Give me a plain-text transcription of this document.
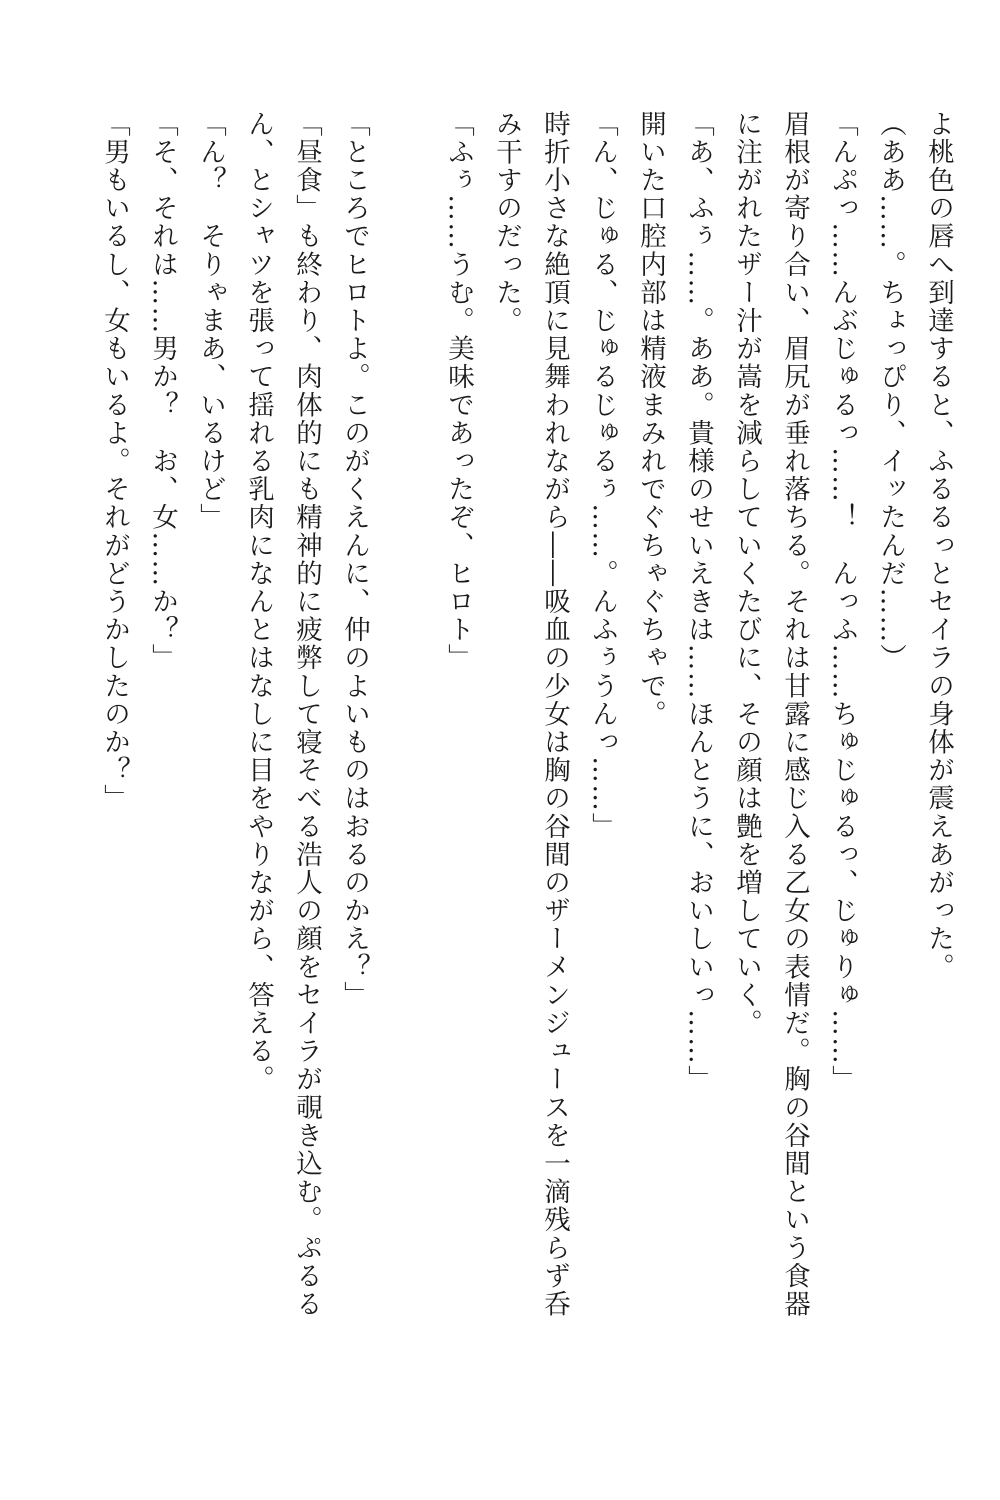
よ桃色の唇へ到達すると、ふるるっとセイラの身体が震えあがった。
（ああ……。ちょっぴり、イッたんだ……）
「んぷっ……んぶじゅるっ……！　んっふ……ちゅじゅるっ、じゅりゅ……」
眉根が寄り合い、眉尻が垂れ落ちる。それは甘露に感じ入る乙女の表情だ。胸の谷間という食器
に注がれたザー汁が嵩を減らしていくたびに、その顔は艶を増していく。
「あ、ふぅ……。ああ。貴様のせいえきは……ほんとうに、おいしいっ……」
開いた口腔内部は精液まみれでぐちゃぐちゃで。
「ん、じゅる、じゅるじゅるぅ……。んふぅうんっ……」
時折小さな絶頂に見舞われながら――吸血の少女は胸の谷間のザーメンジュースを一滴残らず呑
み干すのだった。
「ふぅ……うむ。美味であったぞ、ヒロト」
「ところでヒロトよ。このがくえんに、仲のよいものはおるのかえ？」
「昼食」も終わり、肉体的にも精神的に疲弊して寝そべる浩人の顔をセイラが覗き込む。ぷるる
ん、とシャツを張って揺れる乳肉になんとはなしに目をやりながら、答える。
「ん？　そりゃまあ、いるけど」
「そ、それは……男か？　お、女……か？」
「男もいるし、女もいるよ。それがどうかしたのか？」
